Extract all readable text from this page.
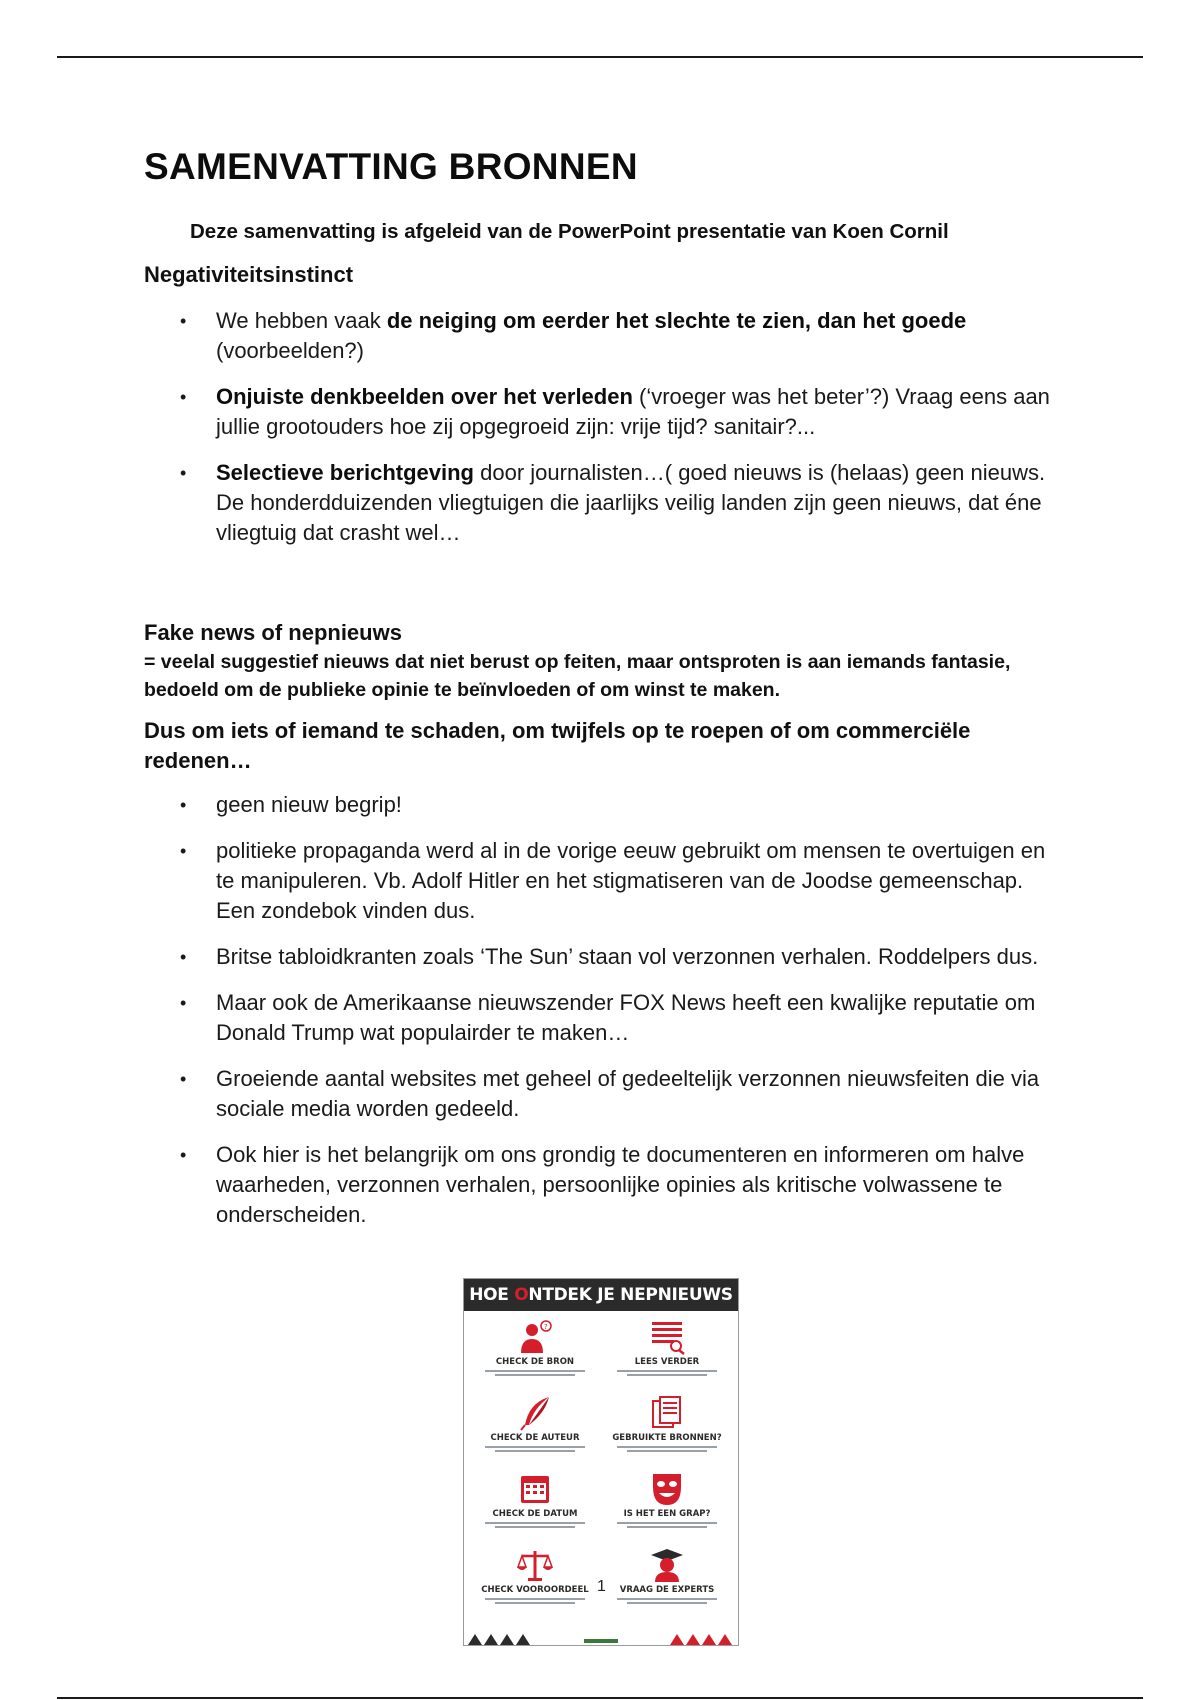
SAMENVATTING BRONNEN
Deze samenvatting is afgeleid van de PowerPoint presentatie van Koen Cornil
Negativiteitsinstinct
• We hebben vaak de neiging om eerder het slechte te zien, dan het goede (voorbeelden?)
• Onjuiste denkbeelden over het verleden (‘vroeger was het beter’?) Vraag eens aan jullie grootouders hoe zij opgegroeid zijn: vrije tijd? sanitair?...
• Selectieve berichtgeving door journalisten…( goed nieuws is (helaas) geen nieuws. De honderdduizenden vliegtuigen die jaarlijks veilig landen zijn geen nieuws, dat éne vliegtuig dat crasht wel…
Fake news of nepnieuws
= veelal suggestief nieuws dat niet berust op feiten, maar ontsproten is aan iemands fantasie, bedoeld om de publieke opinie te beïnvloeden of om winst te maken.
Dus om iets of iemand te schaden, om twijfels op te roepen of om commerciële redenen…
• geen nieuw begrip!
• politieke propaganda werd al in de vorige eeuw gebruikt om mensen te overtuigen en te manipuleren. Vb. Adolf Hitler en het stigmatiseren van de Joodse gemeenschap. Een zondebok vinden dus.
• Britse tabloidkranten zoals ‘The Sun’ staan vol verzonnen verhalen. Roddelpers dus.
• Maar ook de Amerikaanse nieuwszender FOX News heeft een kwalijke reputatie om Donald Trump wat populairder te maken…
• Groeiende aantal websites met geheel of gedeeltelijk verzonnen nieuwsfeiten die via sociale media worden gedeeld.
• Ook hier is het belangrijk om ons grondig te documenteren en informeren om halve waarheden, verzonnen verhalen, persoonlijke opinies als kritische volwassene te onderscheiden.
HOE ONTDEK JE NEPNIEUWS
?
CHECK DE BRON	LEES VERDER
CHECK DE AUTEUR	GEBRUIKTE BRONNEN?
CHECK DE DATUM	IS HET EEN GRAP?
CHECK VOOROORDEEL	VRAAG DE EXPERTS
1
